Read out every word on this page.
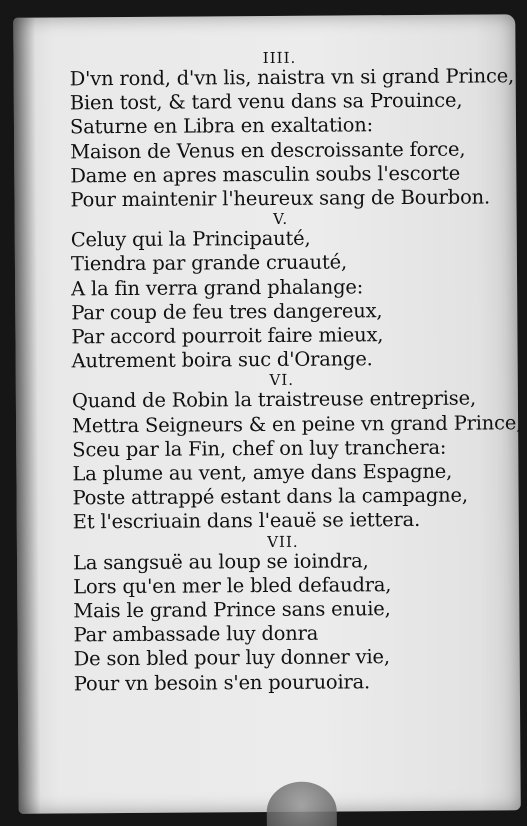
IIII.
D'vn rond, d'vn lis, naistra vn si grand Prince,
Bien tost, & tard venu dans sa Prouince,
Saturne en Libra en exaltation:
Maison de Venus en descroissante force,
Dame en apres masculin soubs l'escorte
Pour maintenir l'heureux sang de Bourbon.
V.
Celuy qui la Principauté,
Tiendra par grande cruauté,
A la fin verra grand phalange:
Par coup de feu tres dangereux,
Par accord pourroit faire mieux,
Autrement boira suc d'Orange.
VI.
Quand de Robin la traistreuse entreprise,
Mettra Seigneurs & en peine vn grand Prince,
Sceu par la Fin, chef on luy tranchera:
La plume au vent, amye dans Espagne,
Poste attrappé estant dans la campagne,
Et l'escriuain dans l'eauë se iettera.
VII.
La sangsuë au loup se ioindra,
Lors qu'en mer le bled defaudra,
Mais le grand Prince sans enuie,
Par ambassade luy donra
De son bled pour luy donner vie,
Pour vn besoin s'en pouruoira.
